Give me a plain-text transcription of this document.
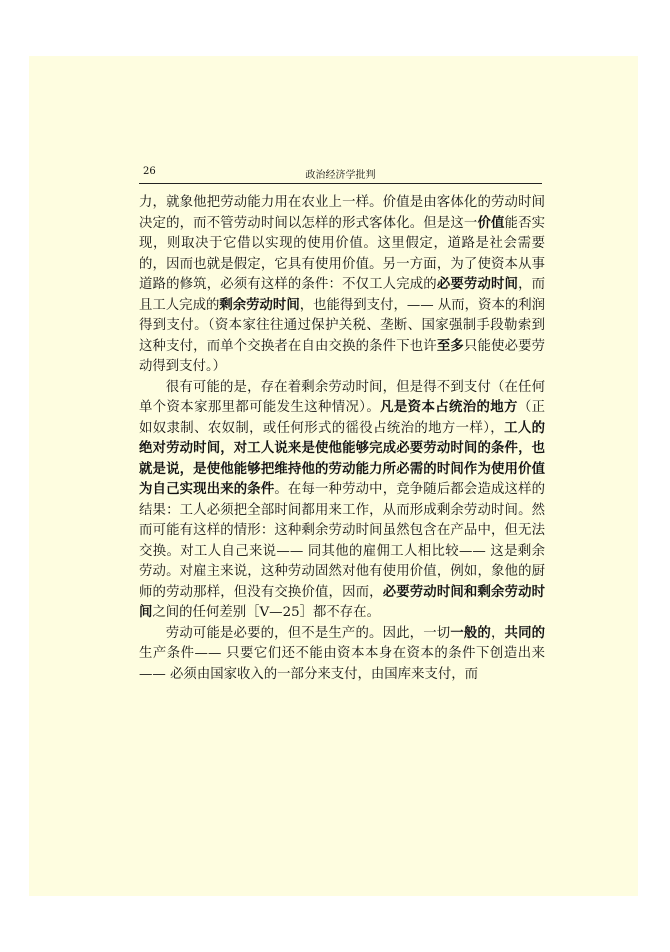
26	政治经济学批判

力，就象他把劳动能力用在农业上一样。价值是由客体化的劳动时间决定的，而不管劳动时间以怎样的形式客体化。但是这一价值能否实现，则取决于它借以实现的使用价值。这里假定，道路是社会需要的，因而也就是假定，它具有使用价值。另一方面，为了使资本从事道路的修筑，必须有这样的条件：不仅工人完成的必要劳动时间，而且工人完成的剩余劳动时间，也能得到支付，—— 从而，资本的利润得到支付。（资本家往往通过保护关税、垄断、国家强制手段勒索到这种支付，而单个交换者在自由交换的条件下也许至多只能使必要劳动得到支付。）

很有可能的是，存在着剩余劳动时间，但是得不到支付（在任何单个资本家那里都可能发生这种情况）。凡是资本占统治的地方（正如奴隶制、农奴制，或任何形式的徭役占统治的地方一样），工人的绝对劳动时间，对工人说来是使他能够完成必要劳动时间的条件，也就是说，是使他能够把维持他的劳动能力所必需的时间作为使用价值为自己实现出来的条件。在每一种劳动中，竞争随后都会造成这样的结果：工人必须把全部时间都用来工作，从而形成剩余劳动时间。然而可能有这样的情形：这种剩余劳动时间虽然包含在产品中，但无法交换。对工人自己来说—— 同其他的雇佣工人相比较—— 这是剩余劳动。对雇主来说，这种劳动固然对他有使用价值，例如，象他的厨师的劳动那样，但没有交换价值，因而，必要劳动时间和剩余劳动时间之间的任何差别［Ⅴ—25］都不存在。

劳动可能是必要的，但不是生产的。因此，一切一般的，共同的生产条件—— 只要它们还不能由资本本身在资本的条件下创造出来—— 必须由国家收入的一部分来支付，由国库来支付，而
